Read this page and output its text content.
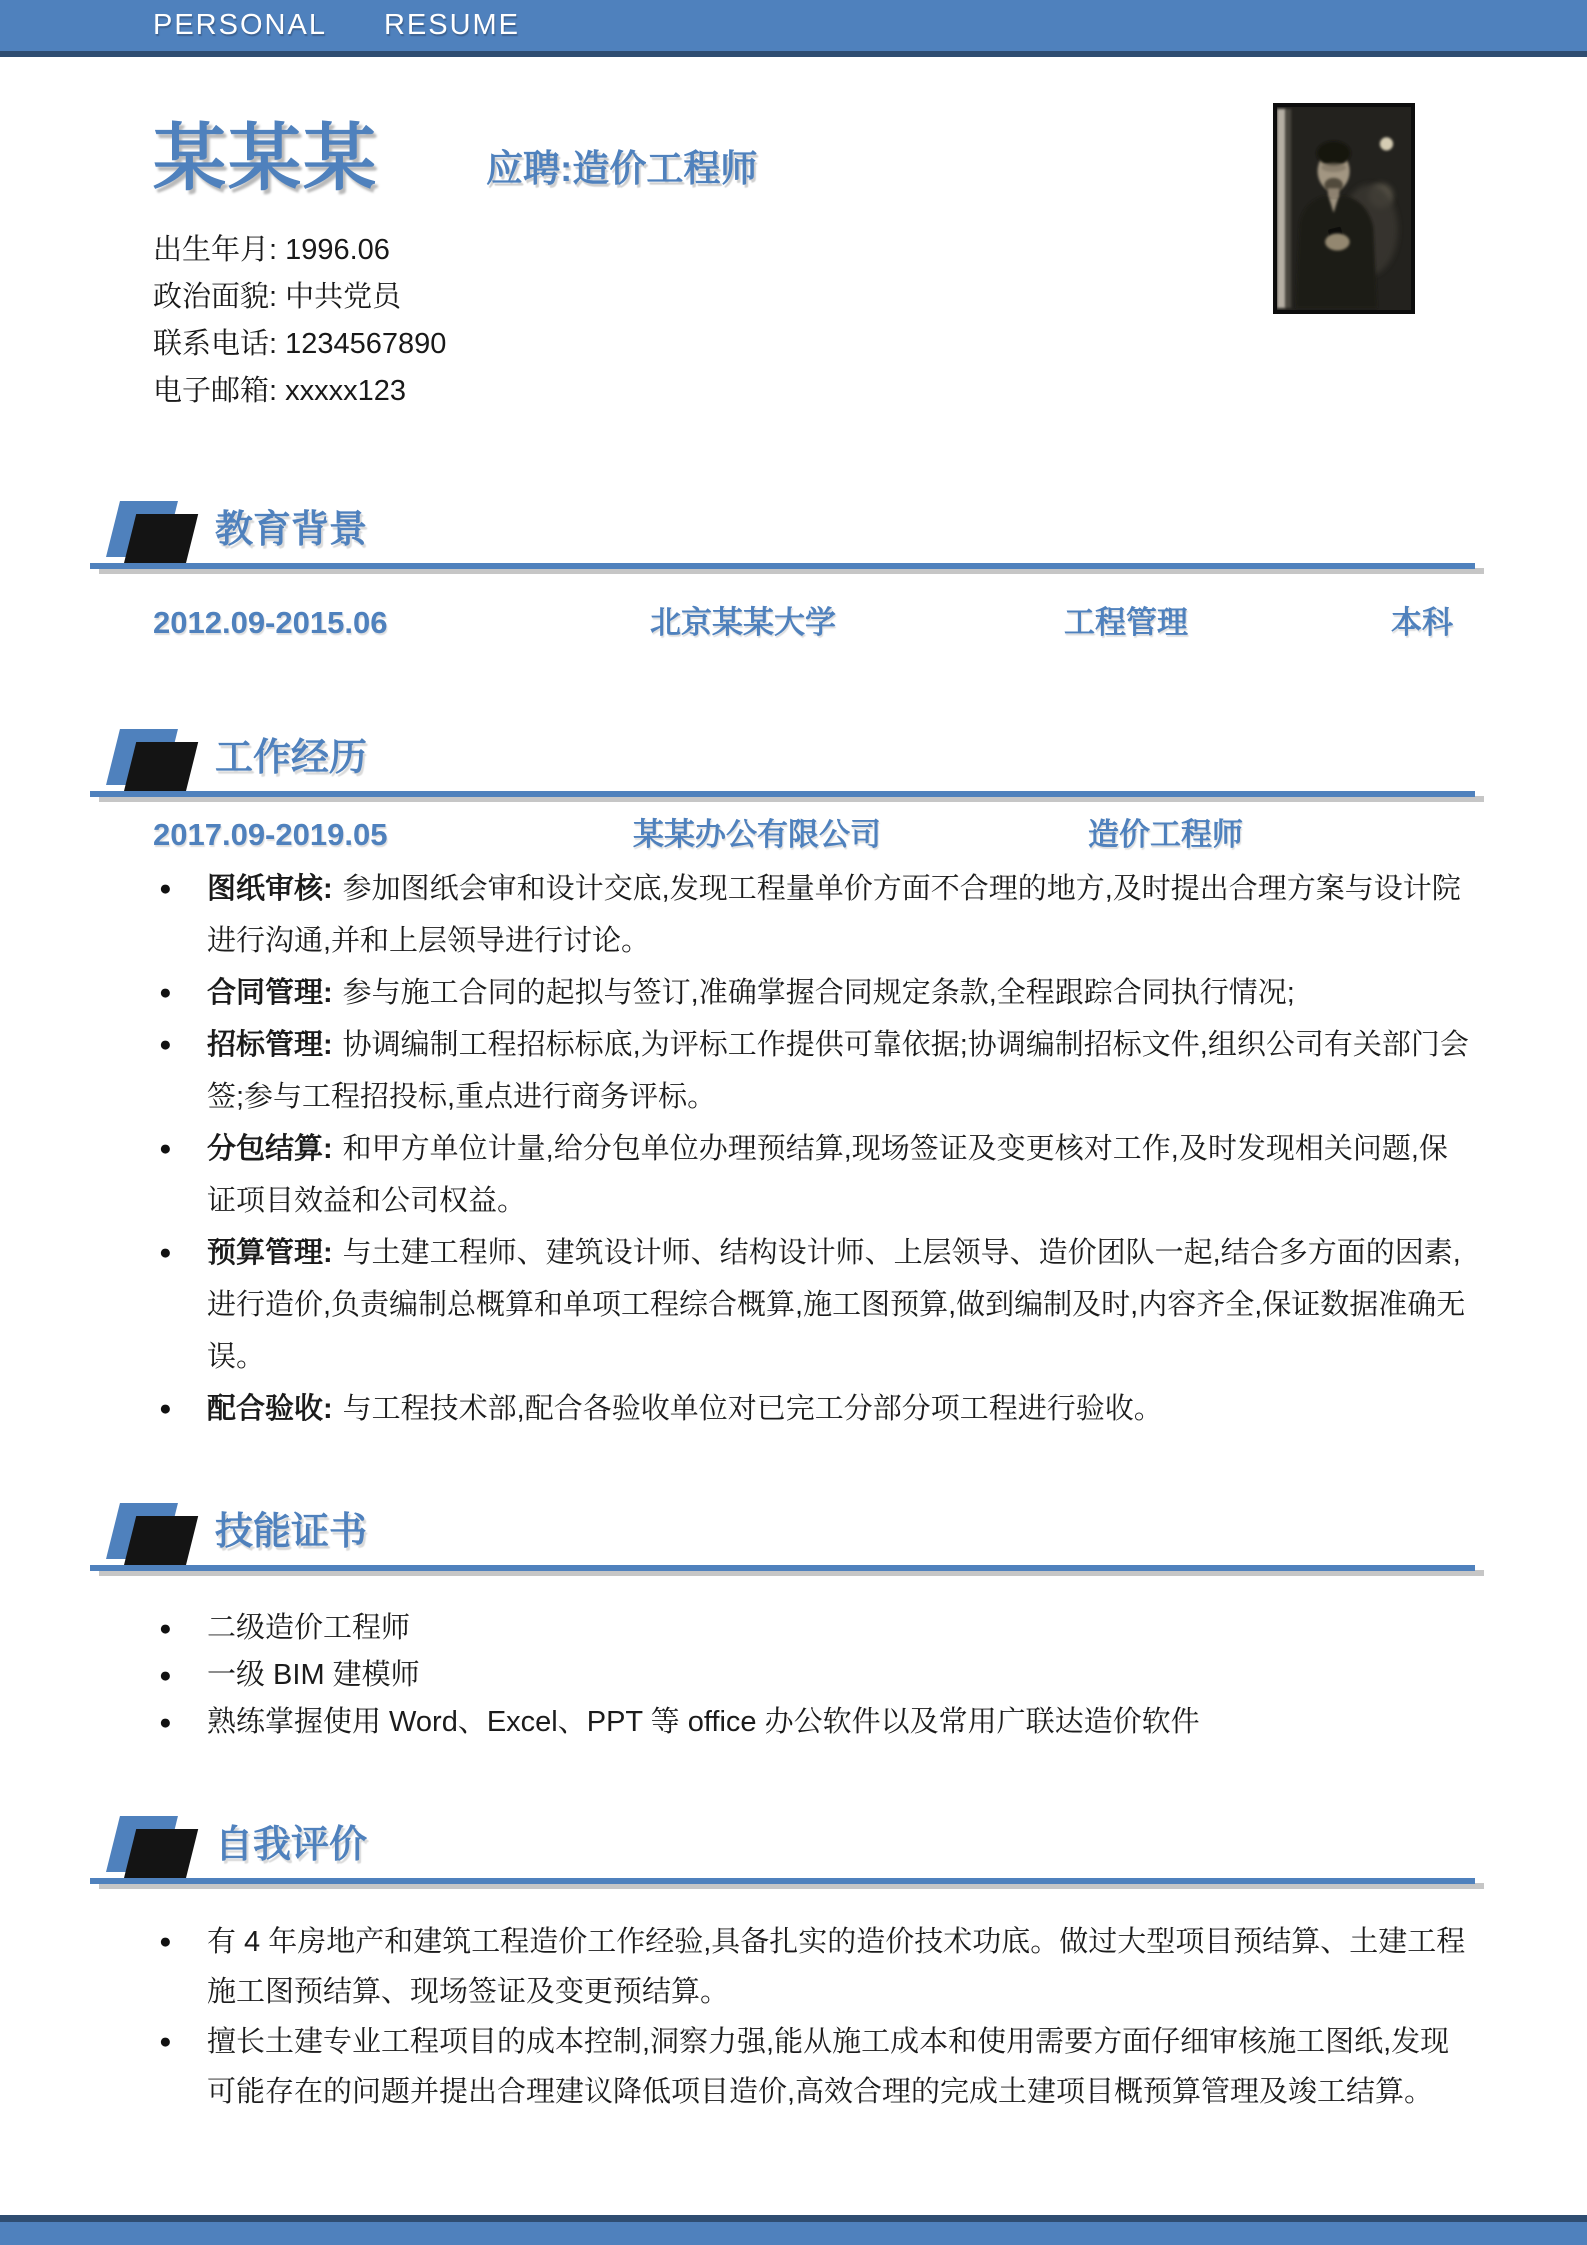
PERSONAL RESUME
某某某	应聘:造价工程师
出生年月: 1996.06
政治面貌: 中共党员
联系电话: 1234567890
电子邮箱: xxxxx123
教育背景
2012.09-2015.06	北京某某大学	工程管理	本科
工作经历
2017.09-2019.05	某某办公有限公司	造价工程师
● 图纸审核: 参加图纸会审和设计交底,发现工程量单价方面不合理的地方,及时提出合理方案与设计院进行沟通,并和上层领导进行讨论。
● 合同管理: 参与施工合同的起拟与签订,准确掌握合同规定条款,全程跟踪合同执行情况;
● 招标管理: 协调编制工程招标标底,为评标工作提供可靠依据;协调编制招标文件,组织公司有关部门会签;参与工程招投标,重点进行商务评标。
● 分包结算: 和甲方单位计量,给分包单位办理预结算,现场签证及变更核对工作,及时发现相关问题,保证项目效益和公司权益。
● 预算管理: 与土建工程师、建筑设计师、结构设计师、上层领导、造价团队一起,结合多方面的因素,进行造价,负责编制总概算和单项工程综合概算,施工图预算,做到编制及时,内容齐全,保证数据准确无误。
● 配合验收: 与工程技术部,配合各验收单位对已完工分部分项工程进行验收。
技能证书
● 二级造价工程师
● 一级 BIM 建模师
● 熟练掌握使用 Word、Excel、PPT 等 office 办公软件以及常用广联达造价软件
自我评价
● 有 4 年房地产和建筑工程造价工作经验,具备扎实的造价技术功底。做过大型项目预结算、土建工程施工图预结算、现场签证及变更预结算。
● 擅长土建专业工程项目的成本控制,洞察力强,能从施工成本和使用需要方面仔细审核施工图纸,发现可能存在的问题并提出合理建议降低项目造价,高效合理的完成土建项目概预算管理及竣工结算。
